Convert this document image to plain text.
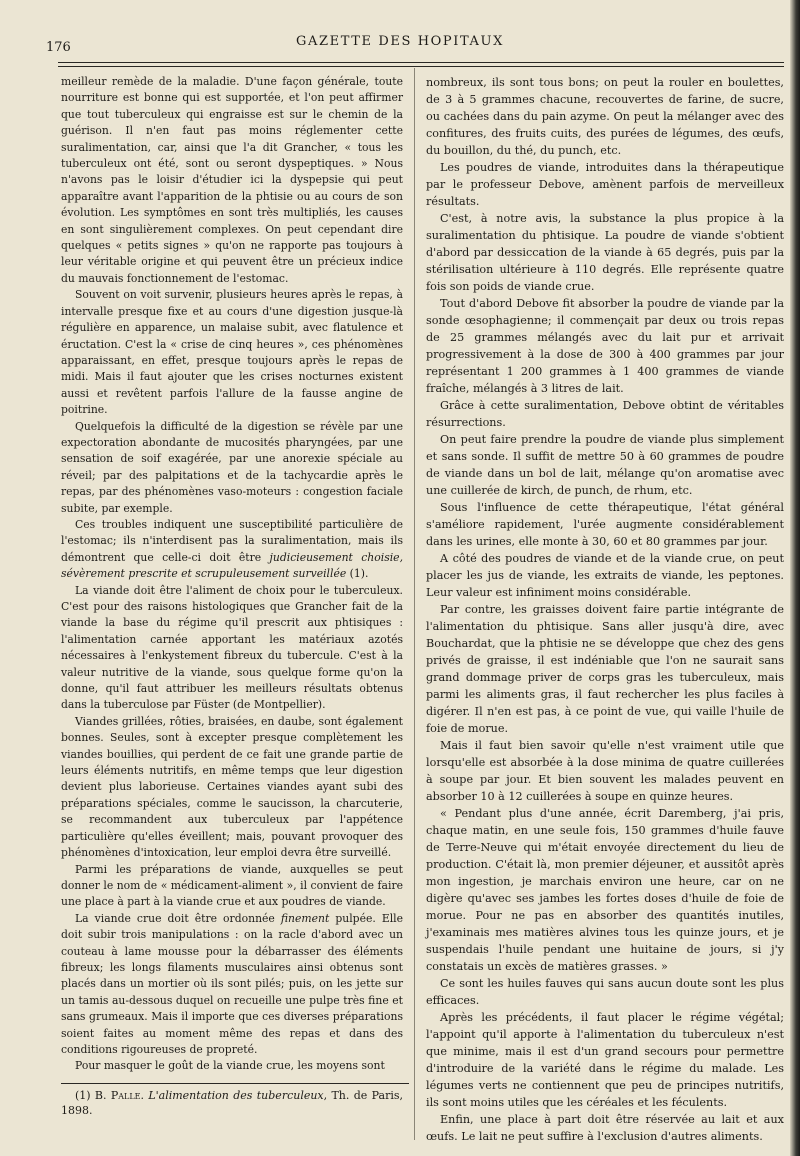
176	GAZETTE DES HOPITAUX

meilleur remède de la maladie. D'une façon générale, toute nourriture est bonne qui est supportée, et l'on peut affirmer que tout tuberculeux qui engraisse est sur le chemin de la guérison. Il n'en faut pas moins réglementer cette suralimentation, car, ainsi que l'a dit Grancher, « tous les tuberculeux ont été, sont ou seront dyspeptiques. » Nous n'avons pas le loisir d'étudier ici la dyspepsie qui peut apparaître avant l'apparition de la phtisie ou au cours de son évolution. Les symptômes en sont très multipliés, les causes en sont singulièrement complexes. On peut cependant dire quelques « petits signes » qu'on ne rapporte pas toujours à leur véritable origine et qui peuvent être un précieux indice du mauvais fonctionnement de l'estomac.

Souvent on voit survenir, plusieurs heures après le repas, à intervalle presque fixe et au cours d'une digestion jusque-là régulière en apparence, un malaise subit, avec flatulence et éructation. C'est la « crise de cinq heures », ces phénomènes apparaissant, en effet, presque toujours après le repas de midi. Mais il faut ajouter que les crises nocturnes existent aussi et revêtent parfois l'allure de la fausse angine de poitrine.

Quelquefois la difficulté de la digestion se révèle par une expectoration abondante de mucosités pharyngées, par une sensation de soif exagérée, par une anorexie spéciale au réveil; par des palpitations et de la tachycardie après le repas, par des phénomènes vaso-moteurs : congestion faciale subite, par exemple.

Ces troubles indiquent une susceptibilité particulière de l'estomac; ils n'interdisent pas la suralimentation, mais ils démontrent que celle-ci doit être judicieusement choisie, sévèrement prescrite et scrupuleusement surveillée (1).

La viande doit être l'aliment de choix pour le tuberculeux. C'est pour des raisons histologiques que Grancher fait de la viande la base du régime qu'il prescrit aux phtisiques : l'alimentation carnée apportant les matériaux azotés nécessaires à l'enkystement fibreux du tubercule. C'est à la valeur nutritive de la viande, sous quelque forme qu'on la donne, qu'il faut attribuer les meilleurs résultats obtenus dans la tuberculose par Füster (de Montpellier).

Viandes grillées, rôties, braisées, en daube, sont également bonnes. Seules, sont à excepter presque complètement les viandes bouillies, qui perdent de ce fait une grande partie de leurs éléments nutritifs, en même temps que leur digestion devient plus laborieuse. Certaines viandes ayant subi des préparations spéciales, comme le saucisson, la charcuterie, se recommandent aux tuberculeux par l'appétence particulière qu'elles éveillent; mais, pouvant provoquer des phénomènes d'intoxication, leur emploi devra être surveillé.

Parmi les préparations de viande, auxquelles se peut donner le nom de « médicament-aliment », il convient de faire une place à part à la viande crue et aux poudres de viande.

La viande crue doit être ordonnée finement pulpée. Elle doit subir trois manipulations : on la racle d'abord avec un couteau à lame mousse pour la débarrasser des éléments fibreux; les longs filaments musculaires ainsi obtenus sont placés dans un mortier où ils sont pilés; puis, on les jette sur un tamis au-dessous duquel on recueille une pulpe très fine et sans grumeaux. Mais il importe que ces diverses préparations soient faites au moment même des repas et dans des conditions rigoureuses de propreté.

Pour masquer le goût de la viande crue, les moyens sont

(1) B. Palle. L'alimentation des tuberculeux, Th. de Paris, 1898.

nombreux, ils sont tous bons; on peut la rouler en boulettes, de 3 à 5 grammes chacune, recouvertes de farine, de sucre, ou cachées dans du pain azyme. On peut la mélanger avec des confitures, des fruits cuits, des purées de légumes, des œufs, du bouillon, du thé, du punch, etc.

Les poudres de viande, introduites dans la thérapeutique par le professeur Debove, amènent parfois de merveilleux résultats.

C'est, à notre avis, la substance la plus propice à la suralimentation du phtisique. La poudre de viande s'obtient d'abord par dessiccation de la viande à 65 degrés, puis par la stérilisation ultérieure à 110 degrés. Elle représente quatre fois son poids de viande crue.

Tout d'abord Debove fit absorber la poudre de viande par la sonde œsophagienne; il commençait par deux ou trois repas de 25 grammes mélangés avec du lait pur et arrivait progressivement à la dose de 300 à 400 grammes par jour représentant 1 200 grammes à 1 400 grammes de viande fraîche, mélangés à 3 litres de lait.

Grâce à cette suralimentation, Debove obtint de véritables résurrections.

On peut faire prendre la poudre de viande plus simplement et sans sonde. Il suffit de mettre 50 à 60 grammes de poudre de viande dans un bol de lait, mélange qu'on aromatise avec une cuillerée de kirch, de punch, de rhum, etc.

Sous l'influence de cette thérapeutique, l'état général s'améliore rapidement, l'urée augmente considérablement dans les urines, elle monte à 30, 60 et 80 grammes par jour.

A côté des poudres de viande et de la viande crue, on peut placer les jus de viande, les extraits de viande, les peptones. Leur valeur est infiniment moins considérable.

Par contre, les graisses doivent faire partie intégrante de l'alimentation du phtisique. Sans aller jusqu'à dire, avec Bouchardat, que la phtisie ne se développe que chez des gens privés de graisse, il est indéniable que l'on ne saurait sans grand dommage priver de corps gras les tuberculeux, mais parmi les aliments gras, il faut rechercher les plus faciles à digérer. Il n'en est pas, à ce point de vue, qui vaille l'huile de foie de morue.

Mais il faut bien savoir qu'elle n'est vraiment utile que lorsqu'elle est absorbée à la dose minima de quatre cuillerées à soupe par jour. Et bien souvent les malades peuvent en absorber 10 à 12 cuillerées à soupe en quinze heures.

« Pendant plus d'une année, écrit Daremberg, j'ai pris, chaque matin, en une seule fois, 150 grammes d'huile fauve de Terre-Neuve qui m'était envoyée directement du lieu de production. C'était là, mon premier déjeuner, et aussitôt après mon ingestion, je marchais environ une heure, car on ne digère qu'avec ses jambes les fortes doses d'huile de foie de morue. Pour ne pas en absorber des quantités inutiles, j'examinais mes matières alvines tous les quinze jours, et je suspendais l'huile pendant une huitaine de jours, si j'y constatais un excès de matières grasses. »

Ce sont les huiles fauves qui sans aucun doute sont les plus efficaces.

Après les précédents, il faut placer le régime végétal; l'appoint qu'il apporte à l'alimentation du tuberculeux n'est que minime, mais il est d'un grand secours pour permettre d'introduire de la variété dans le régime du malade. Les légumes verts ne contiennent que peu de principes nutritifs, ils sont moins utiles que les céréales et les féculents.

Enfin, une place à part doit être réservée au lait et aux œufs. Le lait ne peut suffire à l'exclusion d'autres aliments.
